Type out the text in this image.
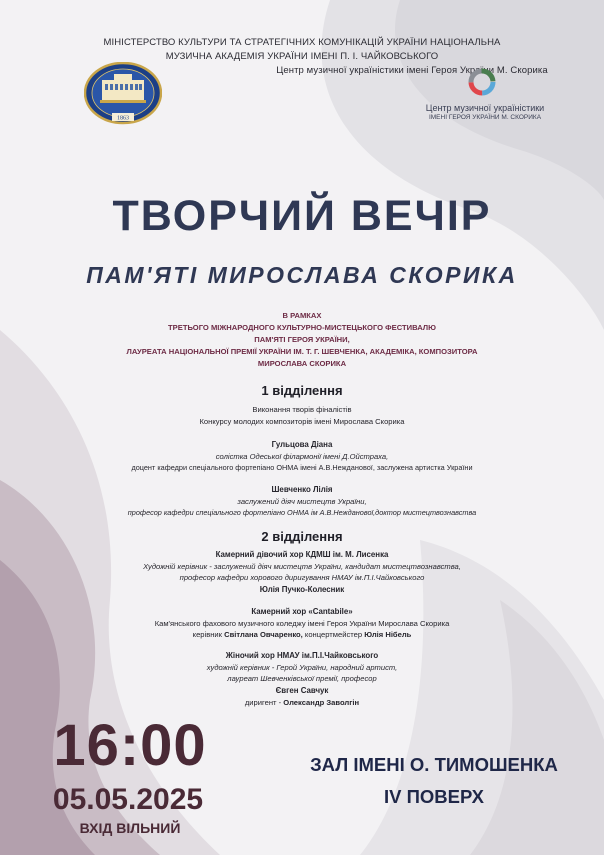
МІНІСТЕРСТВО КУЛЬТУРИ ТА СТРАТЕГІЧНИХ КОМУНІКАЦІЙ УКРАЇНИ НАЦІОНАЛЬНА
МУЗИЧНА АКАДЕМІЯ УКРАЇНИ ІМЕНІ П. І. ЧАЙКОВСЬКОГО
Центр музичної україністики імені Героя України М. Скорика
1863
Центр музичної україністики
ІМЕНІ ГЕРОЯ УКРАЇНИ М. СКОРИКА
ТВОРЧИЙ ВЕЧІР
ПАМ'ЯТІ МИРОСЛАВА СКОРИКА
В РАМКАХ
ТРЕТЬОГО МІЖНАРОДНОГО КУЛЬТУРНО-МИСТЕЦЬКОГО ФЕСТИВАЛЮ
ПАМ'ЯТІ ГЕРОЯ УКРАЇНИ,
ЛАУРЕАТА НАЦІОНАЛЬНОЇ ПРЕМІЇ УКРАЇНИ ІМ. Т. Г. ШЕВЧЕНКА, АКАДЕМІКА, КОМПОЗИТОРА
МИРОСЛАВА СКОРИКА
1 відділення
Виконання творів фіналістів
Конкурсу молодих композиторів імені Мирослава Скорика
Гульцова Діана
солістка Одеської філармонії імені Д.Ойстраха,
доцент кафедри спеціального фортепіано ОНМА імені А.В.Нежданової, заслужена артистка України
Шевченко Лілія
заслужений діяч мистецтв України,
професор кафедри спеціального фортепіано ОНМА ім А.В.Нежданової,доктор мистецтвознавства
2 відділення
Камерний дівочий хор КДМШ ім. М. Лисенка
Художній керівник - заслужений діяч мистецтв України, кандидат мистецтвознавства,
професор кафедри хорового диригування НМАУ ім.П.І.Чайковського
Юлія Пучко-Колесник
Камерний хор «Cantabile»
Кам'янського фахового музичного коледжу імені Героя України Мирослава Скорика
керівник Світлана Овчаренко, концертмейстер Юлія Нібель
Жіночий хор НМАУ ім.П.І.Чайковського
художній керівник - Герой України, народний артист,
лауреат Шевченківської премії, професор
Євген Савчук
диригент - Олександр Заволгін
16:00
05.05.2025
ВХІД ВІЛЬНИЙ
ЗАЛ ІМЕНІ О. ТИМОШЕНКА
IV ПОВЕРХ
